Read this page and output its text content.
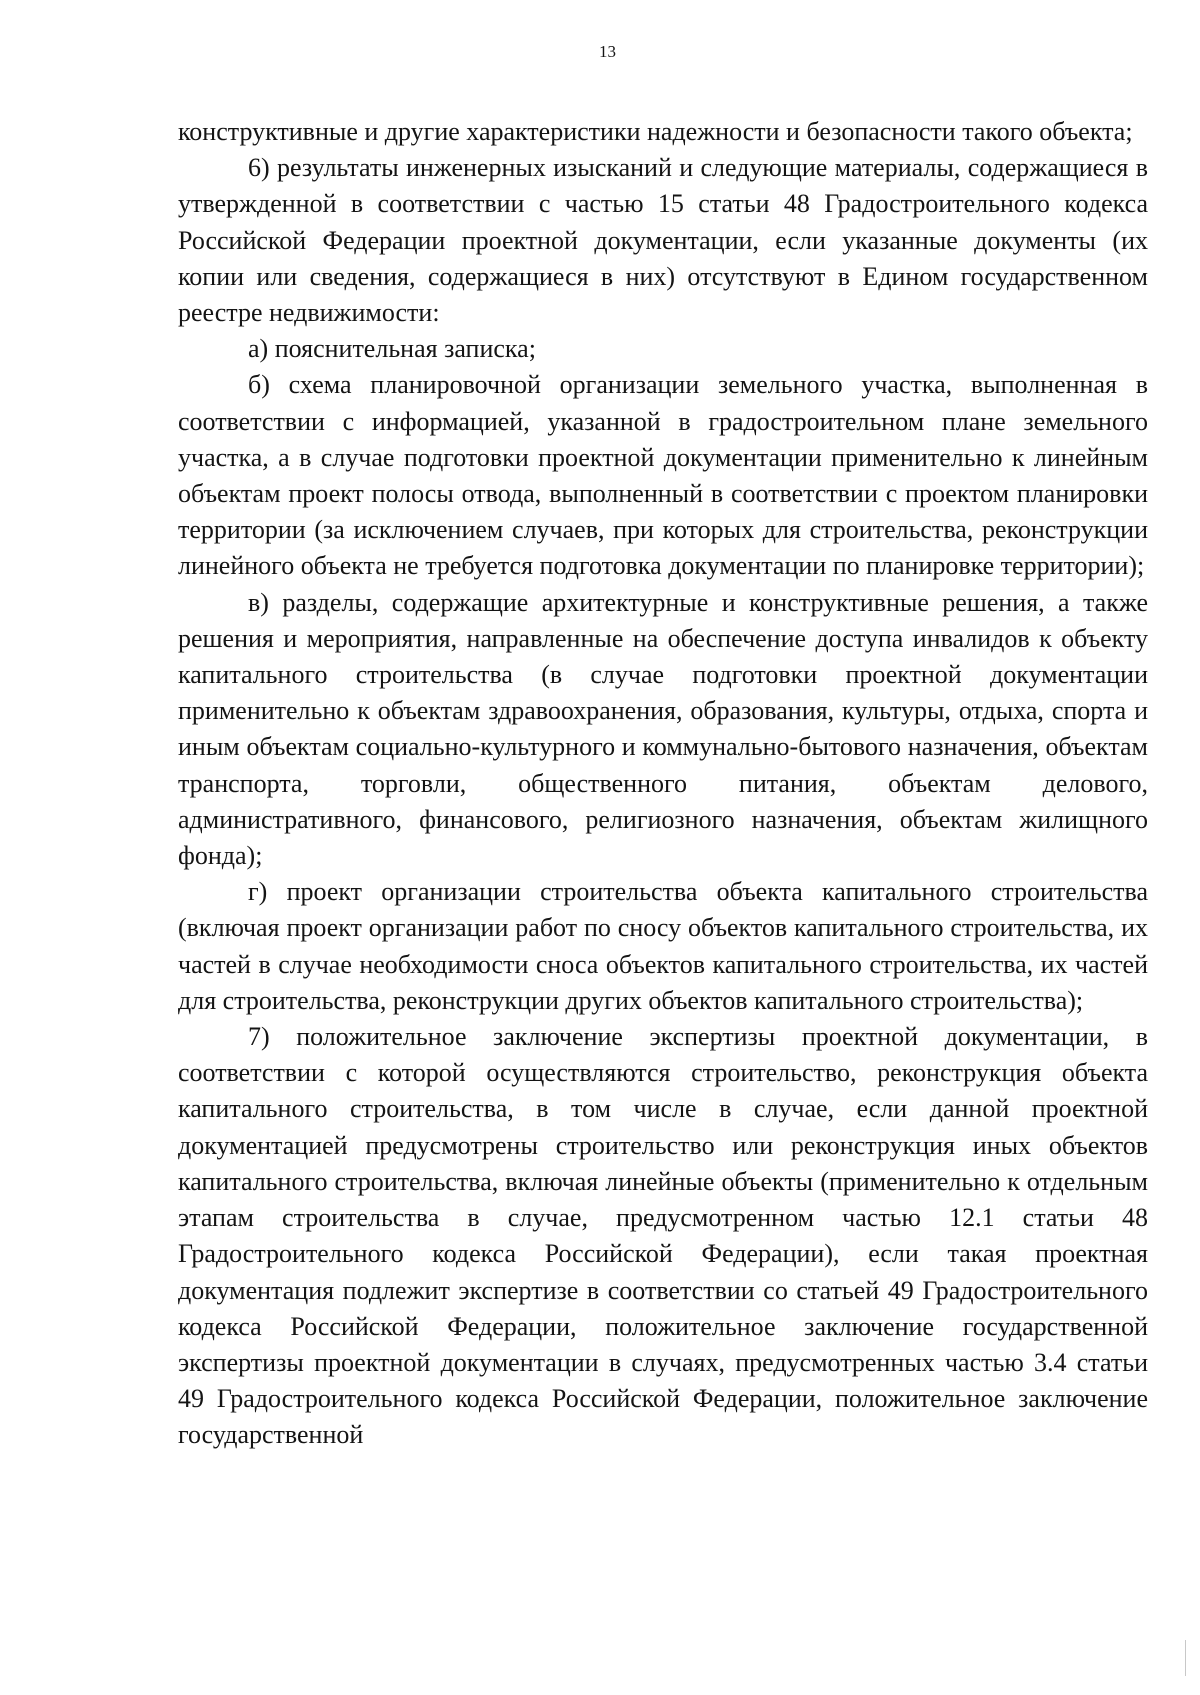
13

конструктивные и другие характеристики надежности и безопасности такого объекта;

6) результаты инженерных изысканий и следующие материалы, содержащиеся в утвержденной в соответствии с частью 15 статьи 48 Градостроительного кодекса Российской Федерации проектной документации, если указанные документы (их копии или сведения, содержащиеся в них) отсутствуют в Едином государственном реестре недвижимости:

а) пояснительная записка;

б) схема планировочной организации земельного участка, выполненная в соответствии с информацией, указанной в градостроительном плане земельного участка, а в случае подготовки проектной документации применительно к линейным объектам проект полосы отвода, выполненный в соответствии с проектом планировки территории (за исключением случаев, при которых для строительства, реконструкции линейного объекта не требуется подготовка документации по планировке территории);

в) разделы, содержащие архитектурные и конструктивные решения, а также решения и мероприятия, направленные на обеспечение доступа инвалидов к объекту капитального строительства (в случае подготовки проектной документации применительно к объектам здравоохранения, образования, культуры, отдыха, спорта и иным объектам социально-культурного и коммунально-бытового назначения, объектам транспорта, торговли, общественного питания, объектам делового, административного, финансового, религиозного назначения, объектам жилищного фонда);

г) проект организации строительства объекта капитального строительства (включая проект организации работ по сносу объектов капитального строительства, их частей в случае необходимости сноса объектов капитального строительства, их частей для строительства, реконструкции других объектов капитального строительства);

7) положительное заключение экспертизы проектной документации, в соответствии с которой осуществляются строительство, реконструкция объекта капитального строительства, в том числе в случае, если данной проектной документацией предусмотрены строительство или реконструкция иных объектов капитального строительства, включая линейные объекты (применительно к отдельным этапам строительства в случае, предусмотренном частью 12.1 статьи 48 Градостроительного кодекса Российской Федерации), если такая проектная документация подлежит экспертизе в соответствии со статьей 49 Градостроительного кодекса Российской Федерации, положительное заключение государственной экспертизы проектной документации в случаях, предусмотренных частью 3.4 статьи 49 Градостроительного кодекса Российской Федерации, положительное заключение государственной
